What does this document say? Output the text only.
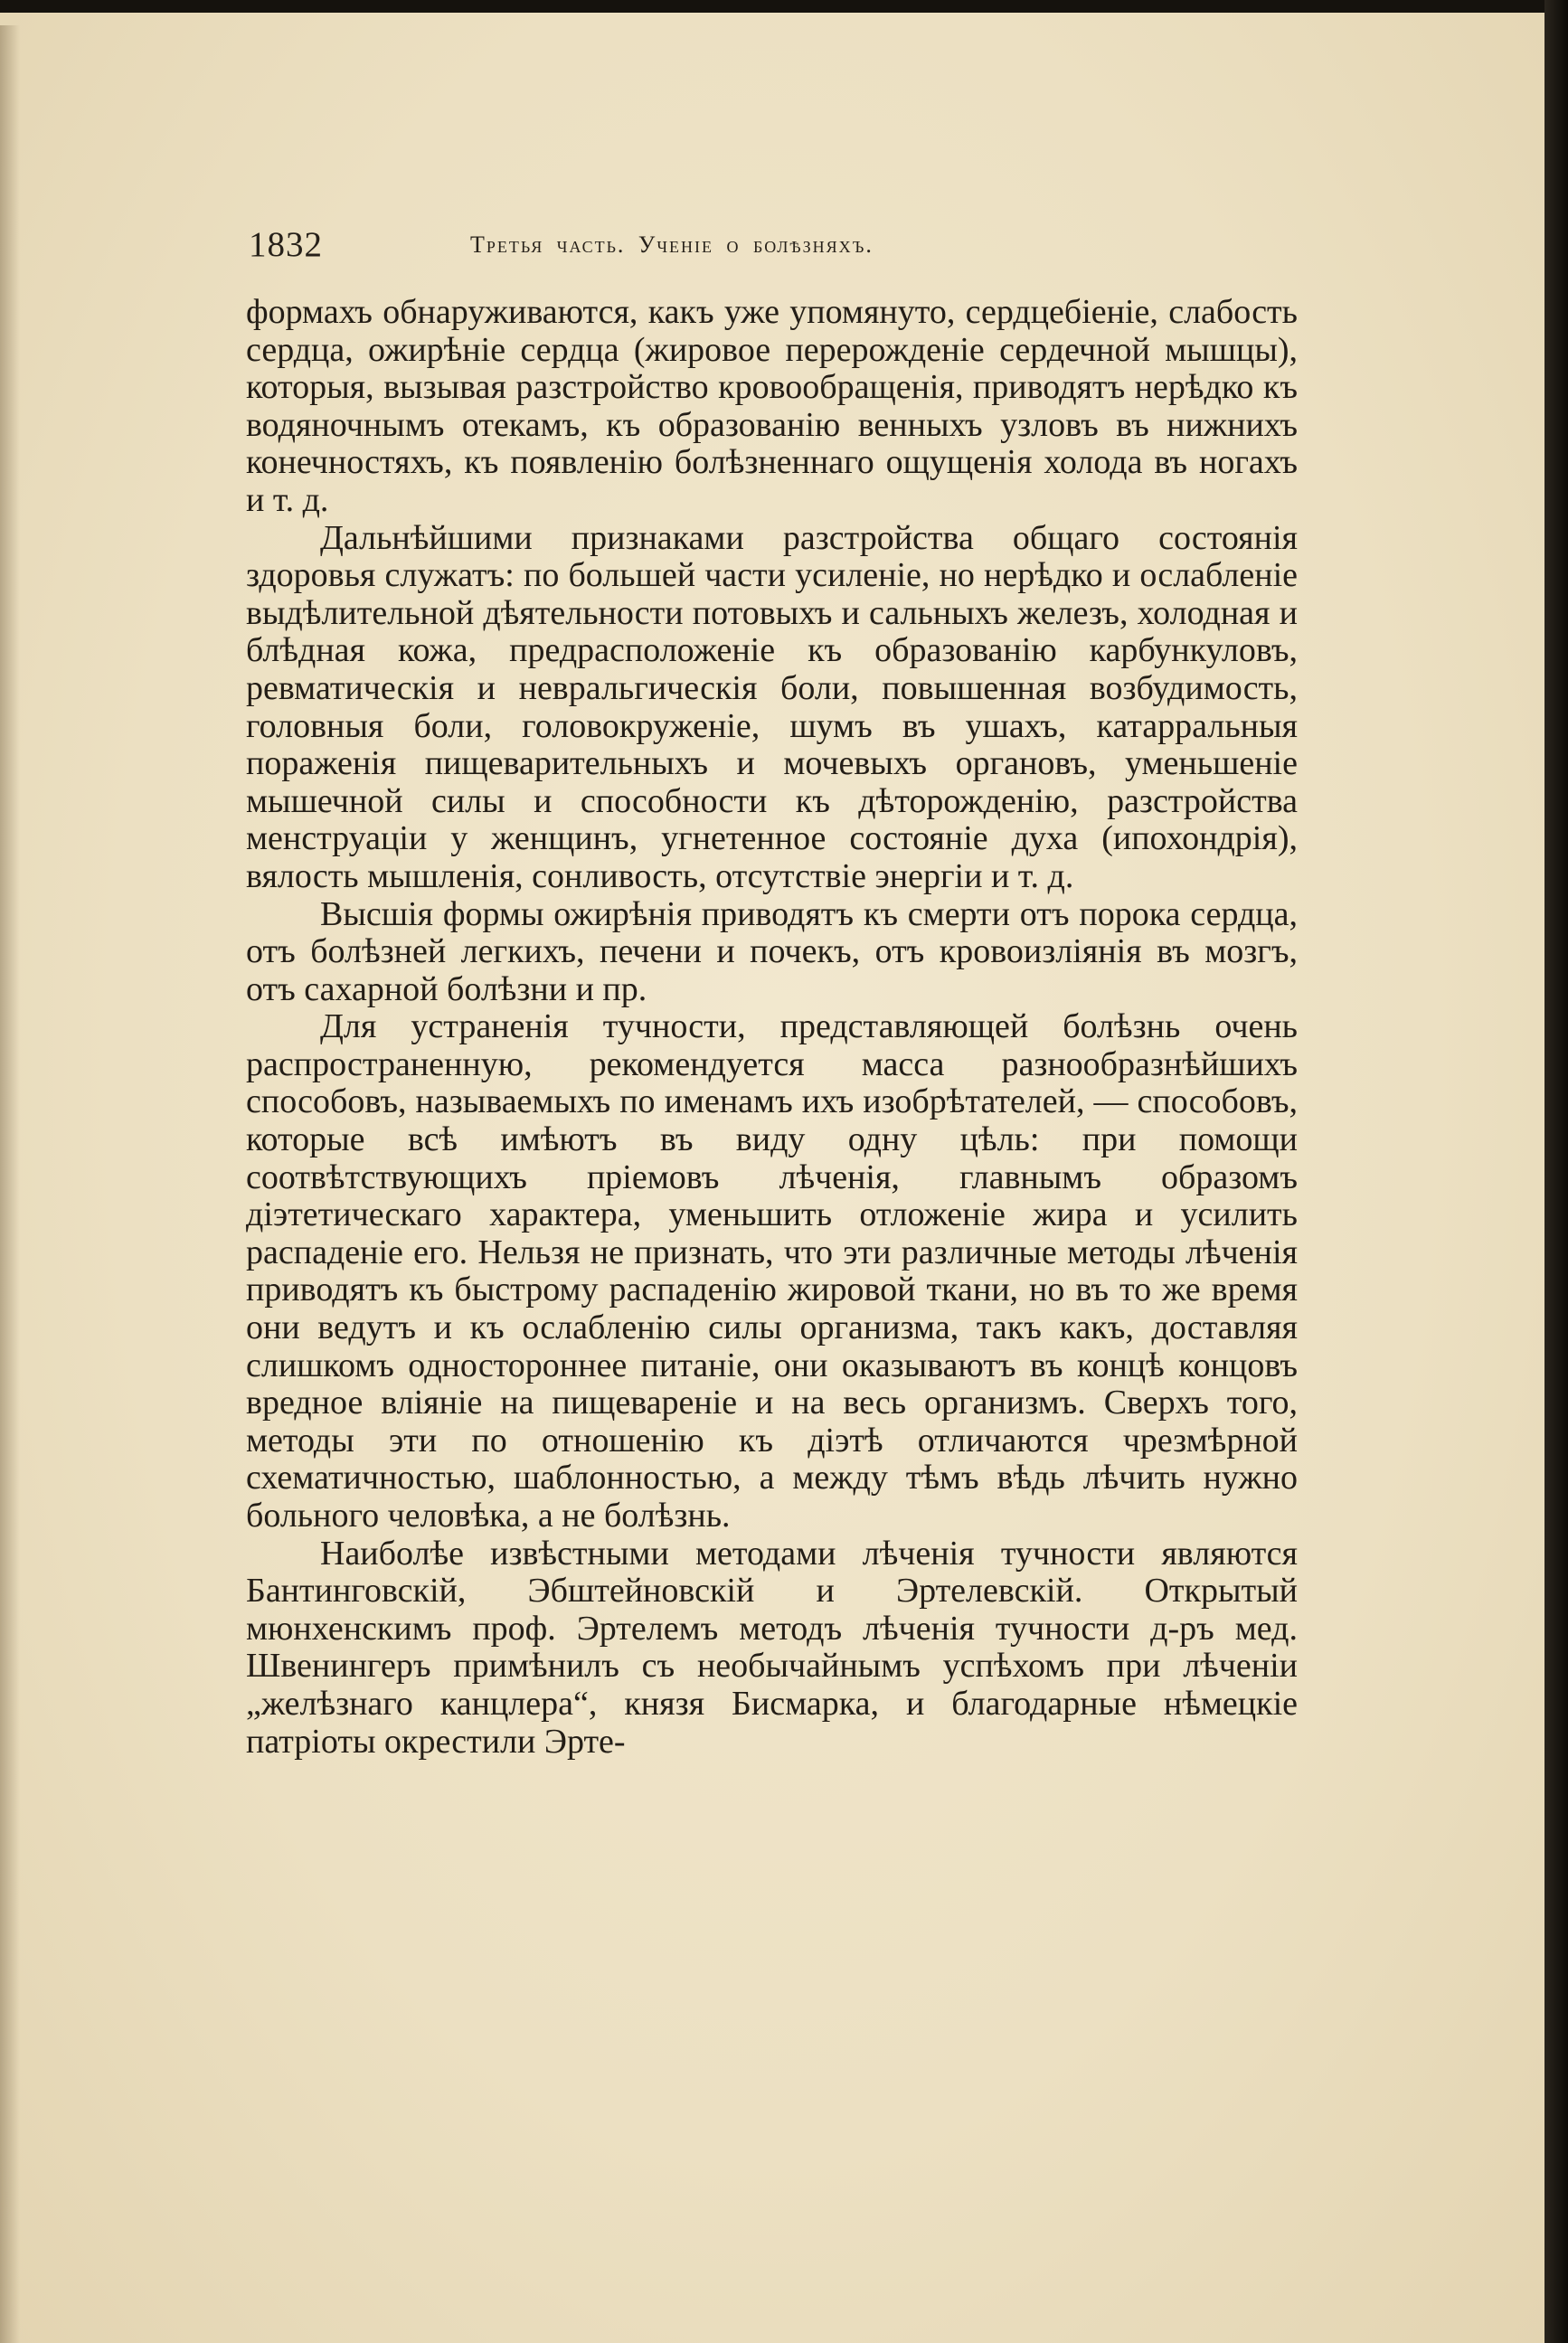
1832	Третья часть. Ученіе о болѣзняхъ.

формахъ обнаруживаются, какъ уже упомянуто, сердцебіеніе, слабость сердца, ожирѣніе сердца (жировое перерожденіе сердечной мышцы), которыя, вызывая разстройство кровообращенія, приводятъ нерѣдко къ водяночнымъ отекамъ, къ образованію венныхъ узловъ въ нижнихъ конечностяхъ, къ появленію болѣзненнаго ощущенія холода въ ногахъ и т. д.

Дальнѣйшими признаками разстройства общаго состоянія здоровья служатъ: по большей части усиленіе, но нерѣдко и ослабленіе выдѣлительной дѣятельности потовыхъ и сальныхъ железъ, холодная и блѣдная кожа, предрасположеніе къ образованію карбункуловъ, ревматическія и невральгическія боли, повышенная возбудимость, головныя боли, головокруженіе, шумъ въ ушахъ, катарральныя пораженія пищеварительныхъ и мочевыхъ органовъ, уменьшеніе мышечной силы и способности къ дѣторожденію, разстройства менструаціи у женщинъ, угнетенное состояніе духа (ипохондрія), вялость мышленія, сонливость, отсутствіе энергіи и т. д.

Высшія формы ожирѣнія приводятъ къ смерти отъ порока сердца, отъ болѣзней легкихъ, печени и почекъ, отъ кровоизліянія въ мозгъ, отъ сахарной болѣзни и пр.

Для устраненія тучности, представляющей болѣзнь очень распространенную, рекомендуется масса разнообразнѣйшихъ способовъ, называемыхъ по именамъ ихъ изобрѣтателей, — способовъ, которые всѣ имѣютъ въ виду одну цѣль: при помощи соотвѣтствующихъ пріемовъ лѣченія, главнымъ образомъ діэтетическаго характера, уменьшить отложеніе жира и усилить распаденіе его. Нельзя не признать, что эти различные методы лѣченія приводятъ къ быстрому распаденію жировой ткани, но въ то же время они ведутъ и къ ослабленію силы организма, такъ какъ, доставляя слишкомъ одностороннее питаніе, они оказываютъ въ концѣ концовъ вредное вліяніе на пищевареніе и на весь организмъ. Сверхъ того, методы эти по отношенію къ діэтѣ отличаются чрезмѣрной схематичностью, шаблонностью, а между тѣмъ вѣдь лѣчить нужно больного человѣка, а не болѣзнь.

Наиболѣе извѣстными методами лѣченія тучности являются Бантинговскій, Эбштейновскій и Эртелевскій. Открытый мюнхенскимъ проф. Эртелемъ методъ лѣченія тучности д-ръ мед. Швенингеръ примѣнилъ съ необычайнымъ успѣхомъ при лѣченіи „желѣзнаго канцлера“, князя Бисмарка, и благодарные нѣмецкіе патріоты окрестили Эрте-
